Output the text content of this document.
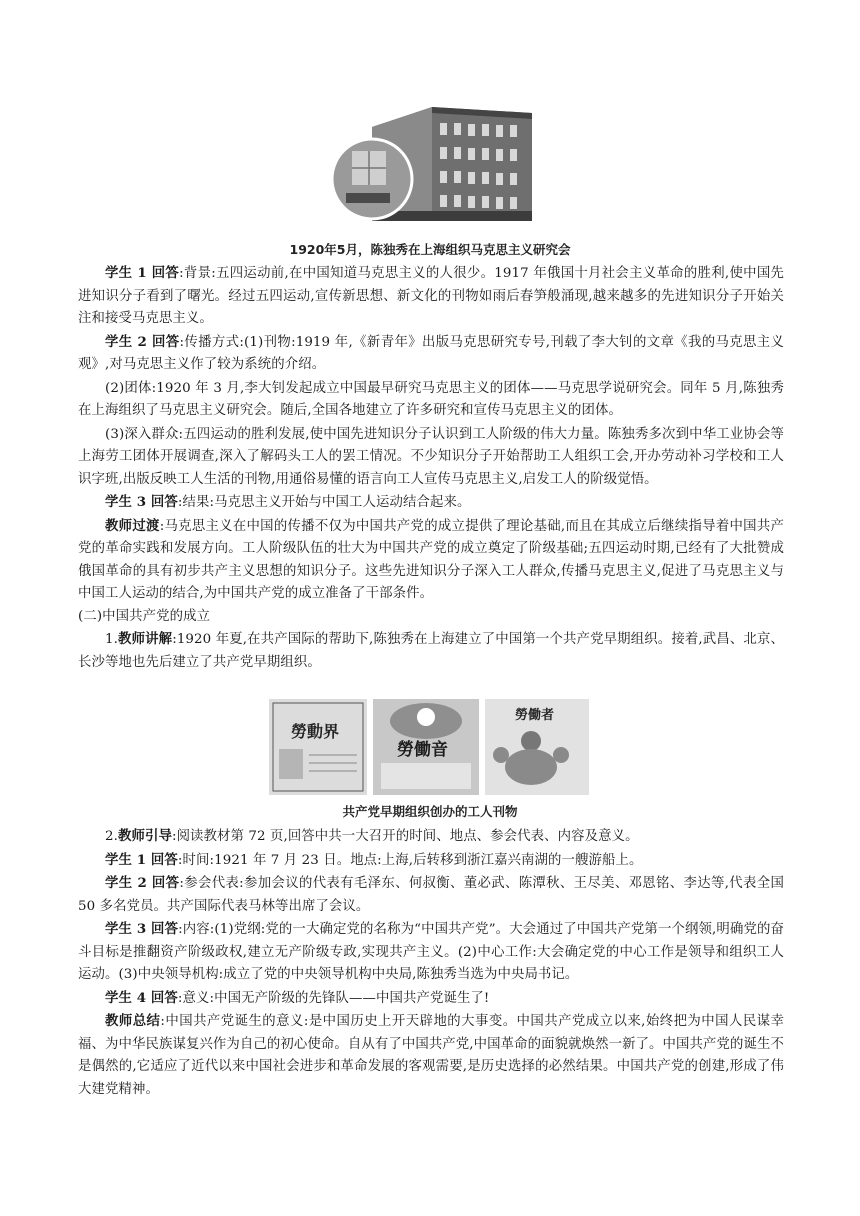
1920年5月，陈独秀在上海组织马克思主义研究会

学生 1 回答:背景:五四运动前,在中国知道马克思主义的人很少。1917 年俄国十月社会主义革命的胜利,使中国先进知识分子看到了曙光。经过五四运动,宣传新思想、新文化的刊物如雨后春笋般涌现,越来越多的先进知识分子开始关注和接受马克思主义。

学生 2 回答:传播方式:(1)刊物:1919 年,《新青年》出版马克思研究专号,刊载了李大钊的文章《我的马克思主义观》,对马克思主义作了较为系统的介绍。

(2)团体:1920 年 3 月,李大钊发起成立中国最早研究马克思主义的团体——马克思学说研究会。同年 5 月,陈独秀在上海组织了马克思主义研究会。随后,全国各地建立了许多研究和宣传马克思主义的团体。

(3)深入群众:五四运动的胜利发展,使中国先进知识分子认识到工人阶级的伟大力量。陈独秀多次到中华工业协会等上海劳工团体开展调查,深入了解码头工人的罢工情况。不少知识分子开始帮助工人组织工会,开办劳动补习学校和工人识字班,出版反映工人生活的刊物,用通俗易懂的语言向工人宣传马克思主义,启发工人的阶级觉悟。

学生 3 回答:结果:马克思主义开始与中国工人运动结合起来。

教师过渡:马克思主义在中国的传播不仅为中国共产党的成立提供了理论基础,而且在其成立后继续指导着中国共产党的革命实践和发展方向。工人阶级队伍的壮大为中国共产党的成立奠定了阶级基础;五四运动时期,已经有了大批赞成俄国革命的具有初步共产主义思想的知识分子。这些先进知识分子深入工人群众,传播马克思主义,促进了马克思主义与中国工人运动的结合,为中国共产党的成立准备了干部条件。

(二)中国共产党的成立

1.教师讲解:1920 年夏,在共产国际的帮助下,陈独秀在上海建立了中国第一个共产党早期组织。接着,武昌、北京、长沙等地也先后建立了共产党早期组织。

勞動界
勞働音
勞働者
共产党早期组织创办的工人刊物

2.教师引导:阅读教材第 72 页,回答中共一大召开的时间、地点、参会代表、内容及意义。

学生 1 回答:时间:1921 年 7 月 23 日。地点:上海,后转移到浙江嘉兴南湖的一艘游船上。

学生 2 回答:参会代表:参加会议的代表有毛泽东、何叔衡、董必武、陈潭秋、王尽美、邓恩铭、李达等,代表全国 50 多名党员。共产国际代表马林等出席了会议。

学生 3 回答:内容:(1)党纲:党的一大确定党的名称为“中国共产党”。大会通过了中国共产党第一个纲领,明确党的奋斗目标是推翻资产阶级政权,建立无产阶级专政,实现共产主义。(2)中心工作:大会确定党的中心工作是领导和组织工人运动。(3)中央领导机构:成立了党的中央领导机构中央局,陈独秀当选为中央局书记。

学生 4 回答:意义:中国无产阶级的先锋队——中国共产党诞生了!

教师总结:中国共产党诞生的意义:是中国历史上开天辟地的大事变。中国共产党成立以来,始终把为中国人民谋幸福、为中华民族谋复兴作为自己的初心使命。自从有了中国共产党,中国革命的面貌就焕然一新了。中国共产党的诞生不是偶然的,它适应了近代以来中国社会进步和革命发展的客观需要,是历史选择的必然结果。中国共产党的创建,形成了伟大建党精神。
